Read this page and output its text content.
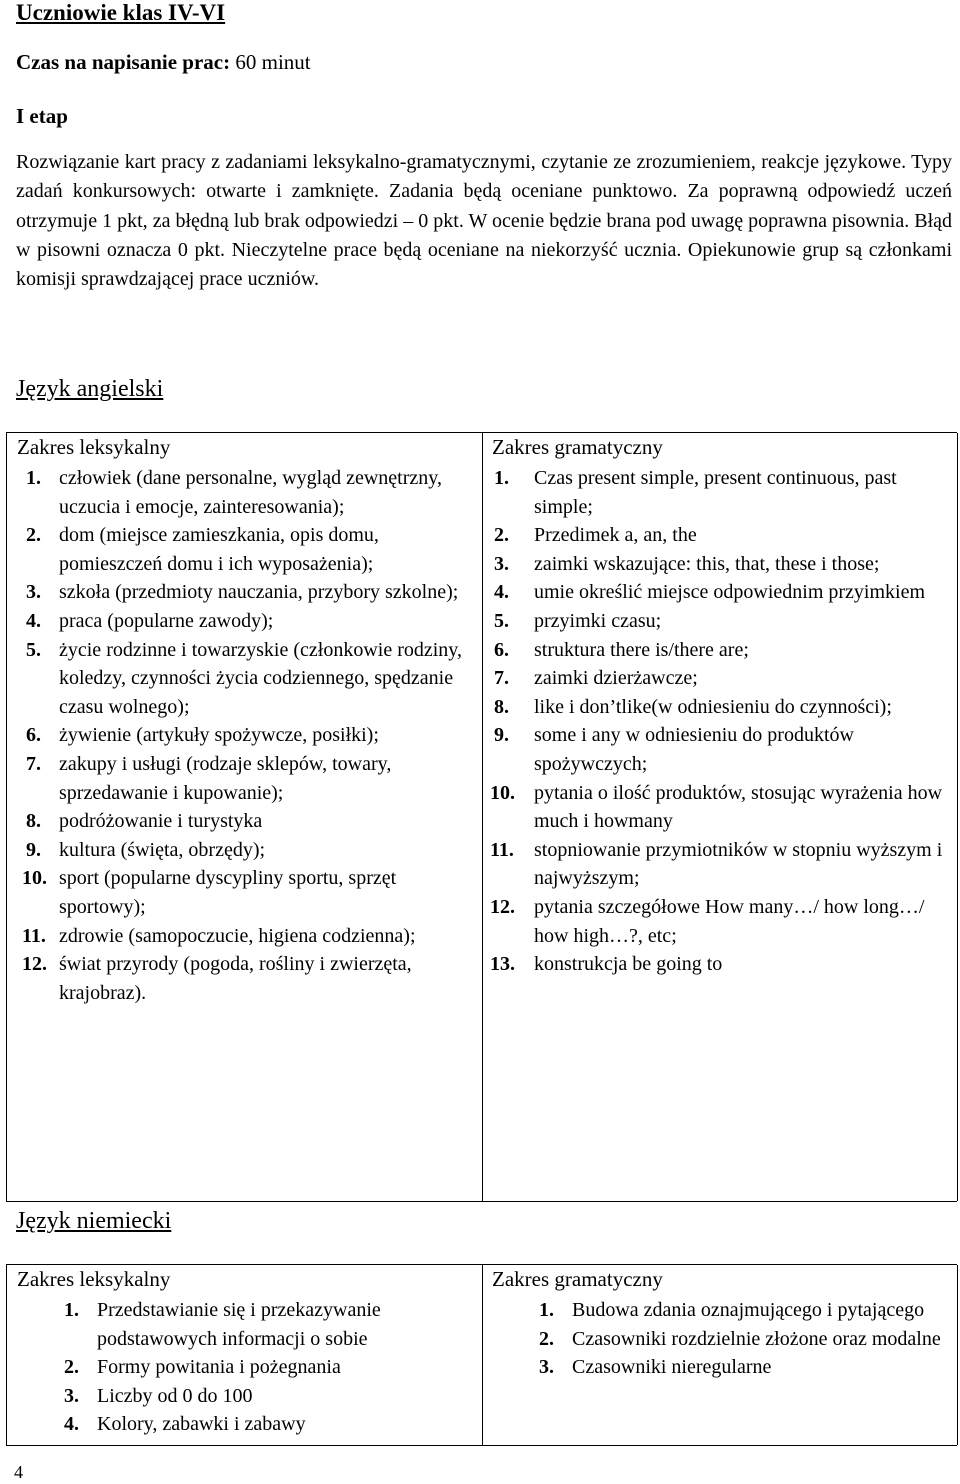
Uczniowie klas IV-VI
Czas na napisanie prac: 60 minut
I etap
Rozwiązanie kart pracy z zadaniami leksykalno-gramatycznymi, czytanie ze zrozumieniem, reakcje językowe. Typy zadań konkursowych: otwarte i zamknięte. Zadania będą oceniane punktowo. Za poprawną odpowiedź uczeń otrzymuje 1 pkt, za błędną lub brak odpowiedzi – 0 pkt. W ocenie będzie brana pod uwagę poprawna pisownia. Błąd w pisowni oznacza 0 pkt. Nieczytelne prace będą oceniane na niekorzyść ucznia. Opiekunowie grup są członkami komisji sprawdzającej prace uczniów.
Język angielski
Zakres leksykalny
1. człowiek (dane personalne, wygląd zewnętrzny, uczucia i emocje, zainteresowania);
2. dom (miejsce zamieszkania, opis domu, pomieszczeń domu i ich wyposażenia);
3. szkoła (przedmioty nauczania, przybory szkolne);
4. praca (popularne zawody);
5. życie rodzinne i towarzyskie (członkowie rodziny, koledzy, czynności życia codziennego, spędzanie czasu wolnego);
6. żywienie (artykuły spożywcze, posiłki);
7. zakupy i usługi (rodzaje sklepów, towary, sprzedawanie i kupowanie);
8. podróżowanie i turystyka
9. kultura (święta, obrzędy);
10. sport (popularne dyscypliny sportu, sprzęt sportowy);
11. zdrowie (samopoczucie, higiena codzienna);
12. świat przyrody (pogoda, rośliny i zwierzęta, krajobraz).
Zakres gramatyczny
1. Czas present simple, present continuous, past simple;
2. Przedimek a, an, the
3. zaimki wskazujące: this, that, these i those;
4. umie określić miejsce odpowiednim przyimkiem
5. przyimki czasu;
6. struktura there is/there are;
7. zaimki dzierżawcze;
8. like i don’tlike(w odniesieniu do czynności);
9. some i any w odniesieniu do produktów spożywczych;
10. pytania o ilość produktów, stosując wyrażenia how much i howmany
11. stopniowanie przymiotników w stopniu wyższym i najwyższym;
12. pytania szczegółowe How many…/ how long…/ how high…?, etc;
13. konstrukcja be going to
Język niemiecki
Zakres leksykalny
1. Przedstawianie się i przekazywanie podstawowych informacji o sobie
2. Formy powitania i pożegnania
3. Liczby od 0 do 100
4. Kolory, zabawki i zabawy
Zakres gramatyczny
1. Budowa zdania oznajmującego i pytającego
2. Czasowniki rozdzielnie złożone oraz modalne
3. Czasowniki nieregularne
4
